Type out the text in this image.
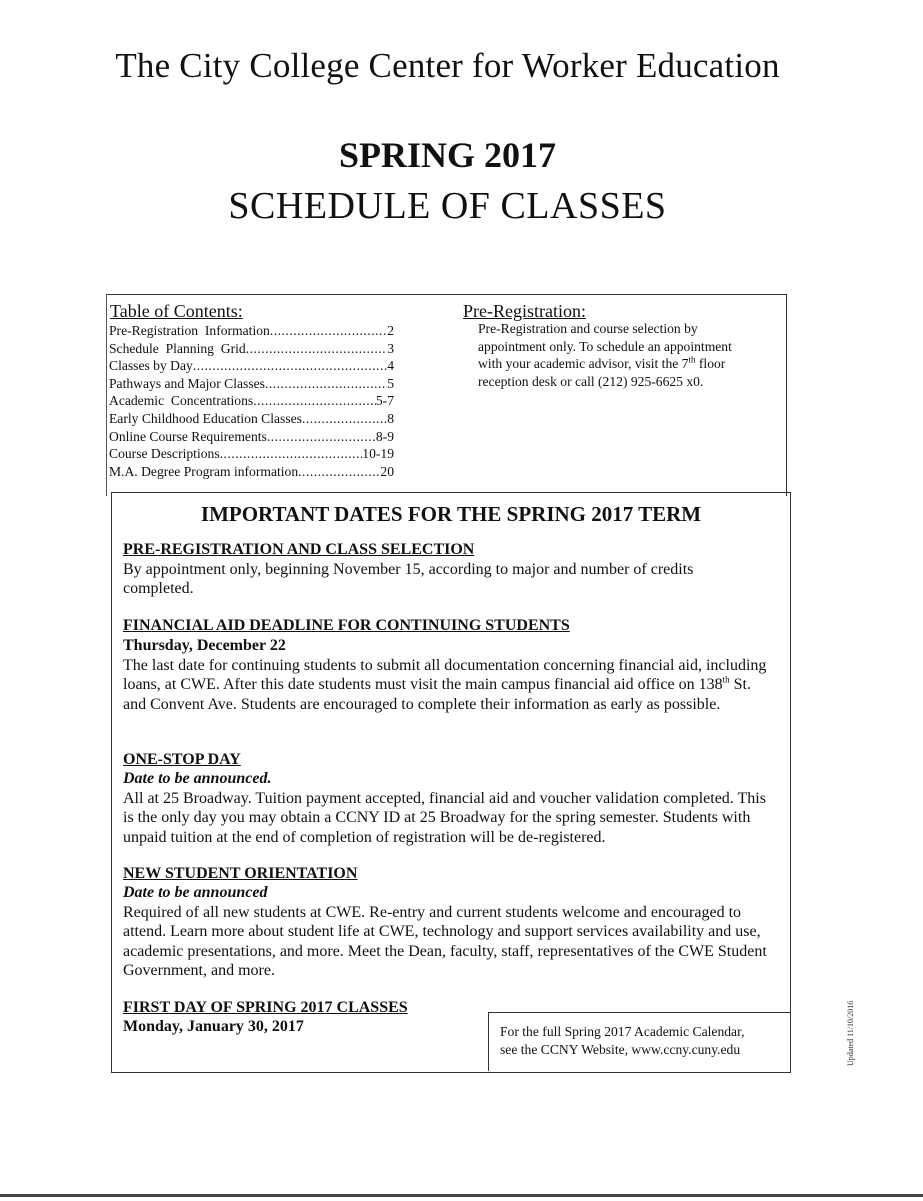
The City College Center for Worker Education
SPRING 2017
SCHEDULE OF CLASSES
Table of Contents:
Pre-Registration  Information .....	2
Schedule  Planning  Grid .....	3
Classes by Day .....	4
Pathways and Major Classes .....	5
Academic  Concentrations .....	5-7
Early Childhood Education Classes .....	8
Online Course Requirements .....	8-9
Course Descriptions .....	10-19
M.A. Degree Program information .....	20
Pre-Registration:
Pre-Registration and course selection by
appointment only. To schedule an appointment
with your academic advisor, visit the 7th floor
reception desk or call (212) 925-6625 x0.
IMPORTANT DATES FOR THE SPRING 2017 TERM
PRE-REGISTRATION AND CLASS SELECTION
By appointment only, beginning November 15, according to major and number of credits completed.
FINANCIAL AID DEADLINE FOR CONTINUING STUDENTS
Thursday, December 22
The last date for continuing students to submit all documentation concerning financial aid, including loans, at CWE. After this date students must visit the main campus financial aid office on 138th St. and Convent Ave. Students are encouraged to complete their information as early as possible.
ONE-STOP DAY
Date to be announced.
All at 25 Broadway. Tuition payment accepted, financial aid and voucher validation completed. This is the only day you may obtain a CCNY ID at 25 Broadway for the spring semester. Students with unpaid tuition at the end of completion of registration will be de-registered.
NEW STUDENT ORIENTATION
Date to be announced
Required of all new students at CWE. Re-entry and current students welcome and encouraged to attend. Learn more about student life at CWE, technology and support services availability and use, academic presentations, and more. Meet the Dean, faculty, staff, representatives of the CWE Student Government, and more.
FIRST DAY OF SPRING 2017 CLASSES
Monday, January 30, 2017	For the full Spring 2017 Academic Calendar,
see the CCNY Website, www.ccny.cuny.edu	Updated 11/10/2016
